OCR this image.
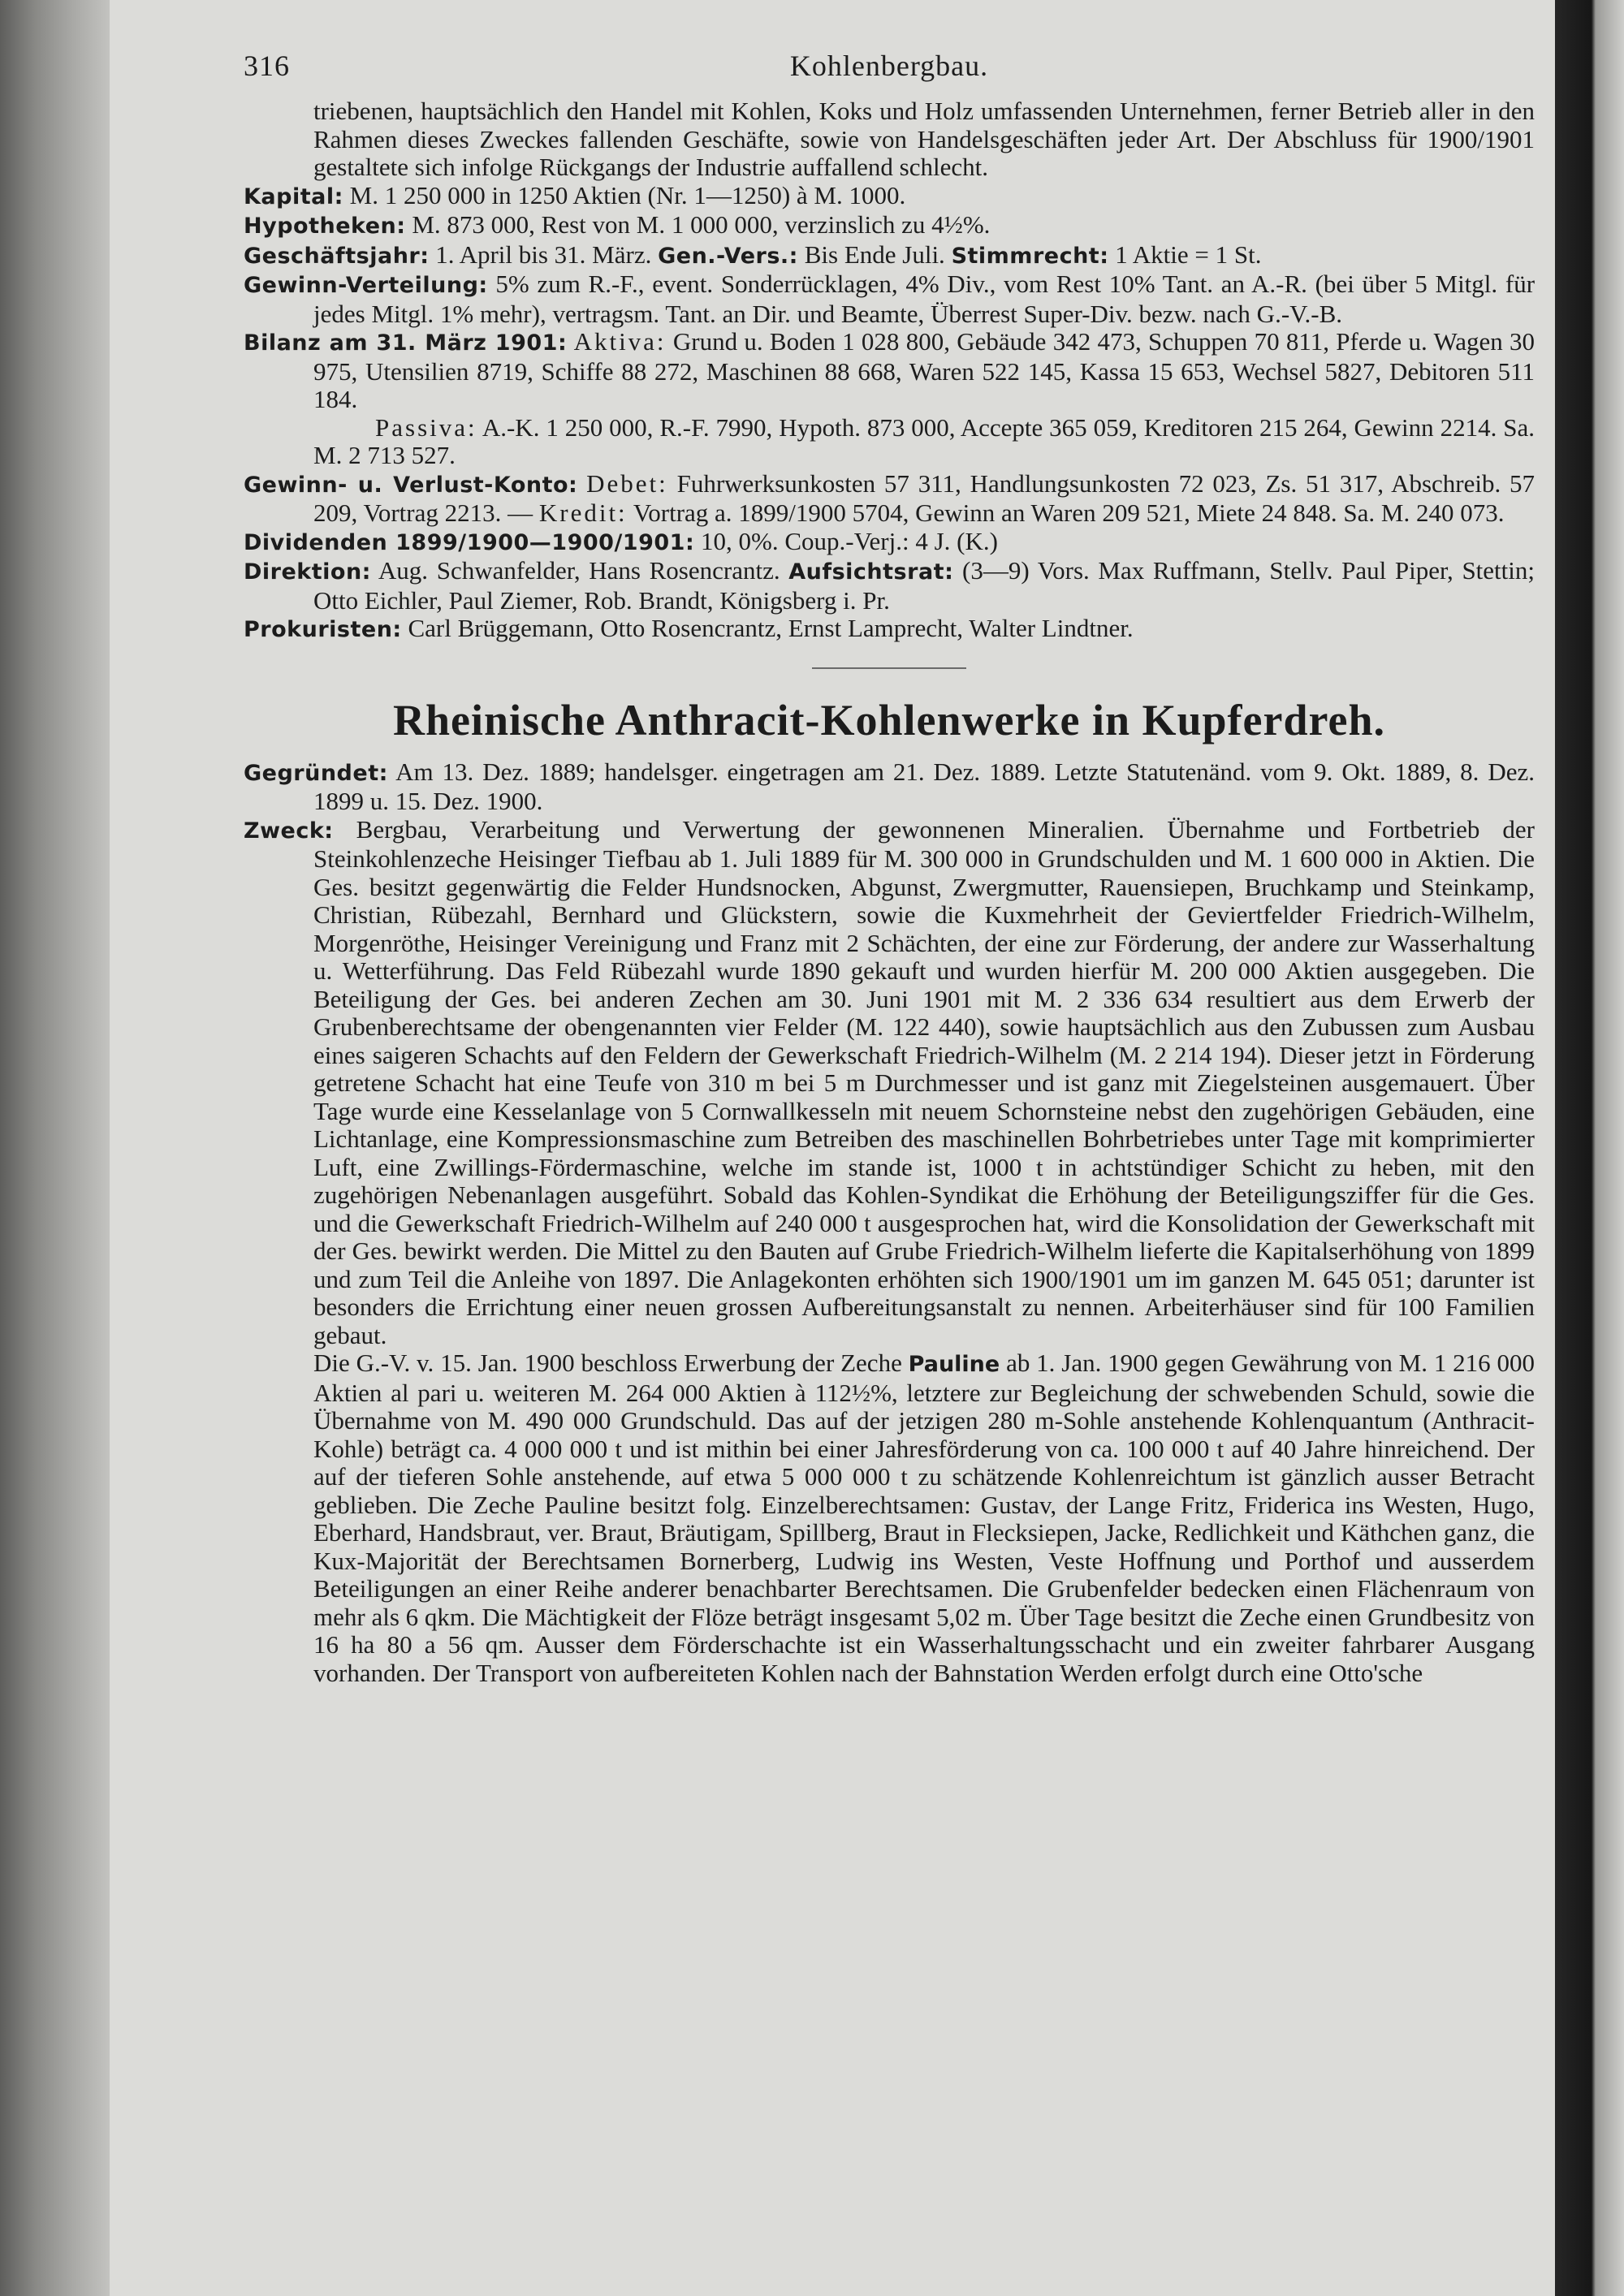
316	Kohlenbergbau.

triebenen, hauptsächlich den Handel mit Kohlen, Koks und Holz umfassenden Unternehmen, ferner Betrieb aller in den Rahmen dieses Zweckes fallenden Geschäfte, sowie von Handelsgeschäften jeder Art. Der Abschluss für 1900/1901 gestaltete sich infolge Rückgangs der Industrie auffallend schlecht.

Kapital: M. 1 250 000 in 1250 Aktien (Nr. 1—1250) à M. 1000.

Hypotheken: M. 873 000, Rest von M. 1 000 000, verzinslich zu 4½%.

Geschäftsjahr: 1. April bis 31. März. Gen.-Vers.: Bis Ende Juli. Stimmrecht: 1 Aktie = 1 St.

Gewinn-Verteilung: 5% zum R.-F., event. Sonderrücklagen, 4% Div., vom Rest 10% Tant. an A.-R. (bei über 5 Mitgl. für jedes Mitgl. 1% mehr), vertragsm. Tant. an Dir. und Beamte, Überrest Super-Div. bezw. nach G.-V.-B.

Bilanz am 31. März 1901: Aktiva: Grund u. Boden 1 028 800, Gebäude 342 473, Schuppen 70 811, Pferde u. Wagen 30 975, Utensilien 8719, Schiffe 88 272, Maschinen 88 668, Waren 522 145, Kassa 15 653, Wechsel 5827, Debitoren 511 184.

Passiva: A.-K. 1 250 000, R.-F. 7990, Hypoth. 873 000, Accepte 365 059, Kreditoren 215 264, Gewinn 2214. Sa. M. 2 713 527.

Gewinn- u. Verlust-Konto: Debet: Fuhrwerksunkosten 57 311, Handlungsunkosten 72 023, Zs. 51 317, Abschreib. 57 209, Vortrag 2213. — Kredit: Vortrag a. 1899/1900 5704, Gewinn an Waren 209 521, Miete 24 848. Sa. M. 240 073.

Dividenden 1899/1900—1900/1901: 10, 0%. Coup.-Verj.: 4 J. (K.)

Direktion: Aug. Schwanfelder, Hans Rosencrantz. Aufsichtsrat: (3—9) Vors. Max Ruffmann, Stellv. Paul Piper, Stettin; Otto Eichler, Paul Ziemer, Rob. Brandt, Königsberg i. Pr.

Prokuristen: Carl Brüggemann, Otto Rosencrantz, Ernst Lamprecht, Walter Lindtner.

Rheinische Anthracit-Kohlenwerke in Kupferdreh.

Gegründet: Am 13. Dez. 1889; handelsger. eingetragen am 21. Dez. 1889. Letzte Statutenänd. vom 9. Okt. 1889, 8. Dez. 1899 u. 15. Dez. 1900.

Zweck: Bergbau, Verarbeitung und Verwertung der gewonnenen Mineralien. Übernahme und Fortbetrieb der Steinkohlenzeche Heisinger Tiefbau ab 1. Juli 1889 für M. 300 000 in Grundschulden und M. 1 600 000 in Aktien. Die Ges. besitzt gegenwärtig die Felder Hundsnocken, Abgunst, Zwergmutter, Rauensiepen, Bruchkamp und Steinkamp, Christian, Rübezahl, Bernhard und Glückstern, sowie die Kuxmehrheit der Geviertfelder Friedrich-Wilhelm, Morgenröthe, Heisinger Vereinigung und Franz mit 2 Schächten, der eine zur Förderung, der andere zur Wasserhaltung u. Wetterführung. Das Feld Rübezahl wurde 1890 gekauft und wurden hierfür M. 200 000 Aktien ausgegeben. Die Beteiligung der Ges. bei anderen Zechen am 30. Juni 1901 mit M. 2 336 634 resultiert aus dem Erwerb der Grubenberechtsame der obengenannten vier Felder (M. 122 440), sowie hauptsächlich aus den Zubussen zum Ausbau eines saigeren Schachts auf den Feldern der Gewerkschaft Friedrich-Wilhelm (M. 2 214 194). Dieser jetzt in Förderung getretene Schacht hat eine Teufe von 310 m bei 5 m Durchmesser und ist ganz mit Ziegelsteinen ausgemauert. Über Tage wurde eine Kesselanlage von 5 Cornwallkesseln mit neuem Schornsteine nebst den zugehörigen Gebäuden, eine Lichtanlage, eine Kompressionsmaschine zum Betreiben des maschinellen Bohrbetriebes unter Tage mit komprimierter Luft, eine Zwillings-Fördermaschine, welche im stande ist, 1000 t in achtstündiger Schicht zu heben, mit den zugehörigen Nebenanlagen ausgeführt. Sobald das Kohlen-Syndikat die Erhöhung der Beteiligungsziffer für die Ges. und die Gewerkschaft Friedrich-Wilhelm auf 240 000 t ausgesprochen hat, wird die Konsolidation der Gewerkschaft mit der Ges. bewirkt werden. Die Mittel zu den Bauten auf Grube Friedrich-Wilhelm lieferte die Kapitalserhöhung von 1899 und zum Teil die Anleihe von 1897. Die Anlagekonten erhöhten sich 1900/1901 um im ganzen M. 645 051; darunter ist besonders die Errichtung einer neuen grossen Aufbereitungsanstalt zu nennen. Arbeiterhäuser sind für 100 Familien gebaut.

Die G.-V. v. 15. Jan. 1900 beschloss Erwerbung der Zeche Pauline ab 1. Jan. 1900 gegen Gewährung von M. 1 216 000 Aktien al pari u. weiteren M. 264 000 Aktien à 112½%, letztere zur Begleichung der schwebenden Schuld, sowie die Übernahme von M. 490 000 Grundschuld. Das auf der jetzigen 280 m-Sohle anstehende Kohlenquantum (Anthracit-Kohle) beträgt ca. 4 000 000 t und ist mithin bei einer Jahresförderung von ca. 100 000 t auf 40 Jahre hinreichend. Der auf der tieferen Sohle anstehende, auf etwa 5 000 000 t zu schätzende Kohlenreichtum ist gänzlich ausser Betracht geblieben. Die Zeche Pauline besitzt folg. Einzelberechtsamen: Gustav, der Lange Fritz, Friderica ins Westen, Hugo, Eberhard, Handsbraut, ver. Braut, Bräutigam, Spillberg, Braut in Flecksiepen, Jacke, Redlichkeit und Käthchen ganz, die Kux-Majorität der Berechtsamen Bornerberg, Ludwig ins Westen, Veste Hoffnung und Porthof und ausserdem Beteiligungen an einer Reihe anderer benachbarter Berechtsamen. Die Grubenfelder bedecken einen Flächenraum von mehr als 6 qkm. Die Mächtigkeit der Flöze beträgt insgesamt 5,02 m. Über Tage besitzt die Zeche einen Grundbesitz von 16 ha 80 a 56 qm. Ausser dem Förderschachte ist ein Wasserhaltungsschacht und ein zweiter fahrbarer Ausgang vorhanden. Der Transport von aufbereiteten Kohlen nach der Bahnstation Werden erfolgt durch eine Otto'sche
